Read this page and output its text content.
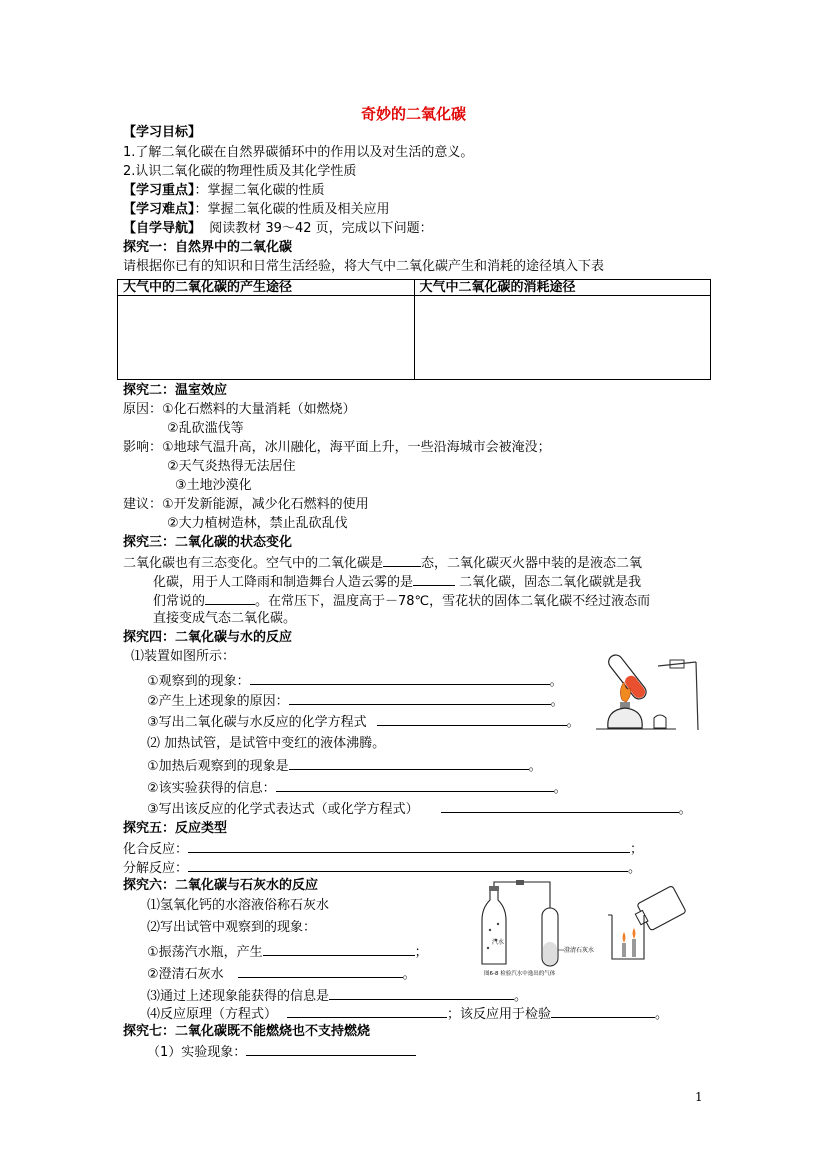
奇妙的二氧化碳
【学习目标】
1.了解二氧化碳在自然界碳循环中的作用以及对生活的意义。
2.认识二氧化碳的物理性质及其化学性质
【学习重点】：掌握二氧化碳的性质
【学习难点】：掌握二氧化碳的性质及相关应用
【自学导航】  阅读教材 39～42 页，完成以下问题：
探究一：自然界中的二氧化碳
请根据你已有的知识和日常生活经验，将大气中二氧化碳产生和消耗的途径填入下表
大气中的二氧化碳的产生途径	大气中二氧化碳的消耗途径

探究二：温室效应
原因：①化石燃料的大量消耗（如燃烧）
②乱砍滥伐等
影响：①地球气温升高，冰川融化，海平面上升，一些沿海城市会被淹没；
②天气炎热得无法居住
③土地沙漠化
建议：①开发新能源，减少化石燃料的使用
②大力植树造林，禁止乱砍乱伐
探究三：二氧化碳的状态变化
二氧化碳也有三态变化。空气中的二氧化碳是	态，二氧化碳灭火器中装的是液态二氧
化碳，用于人工降雨和制造舞台人造云雾的是	二氧化碳，固态二氧化碳就是我
们常说的	。在常压下，温度高于－78℃，雪花状的固体二氧化碳不经过液态而
直接变成气态二氧化碳。
探究四：二氧化碳与水的反应
⑴装置如图所示：
①观察到的现象：	。
②产生上述现象的原因：	。
③写出二氧化碳与水反应的化学方程式	。
⑵ 加热试管，是试管中变红的液体沸腾。
①加热后观察到的现象是	。
②该实验获得的信息：	。
③写出该反应的化学式表达式（或化学方程式）	。
探究五：反应类型
化合反应：	；
分解反应：	。
探究六：二氧化碳与石灰水的反应
⑴氢氧化钙的水溶液俗称石灰水
⑵写出试管中观察到的现象：
①振荡汽水瓶，产生	；
②澄清石灰水	。
⑶通过上述现象能获得的信息是	。
⑷反应原理（方程式）	；该反应用于检验	。
汽水
澄清石灰水
图6-8 检验汽水中逸出的气体
探究七：二氧化碳既不能燃烧也不支持燃烧
（1）实验现象：
1
